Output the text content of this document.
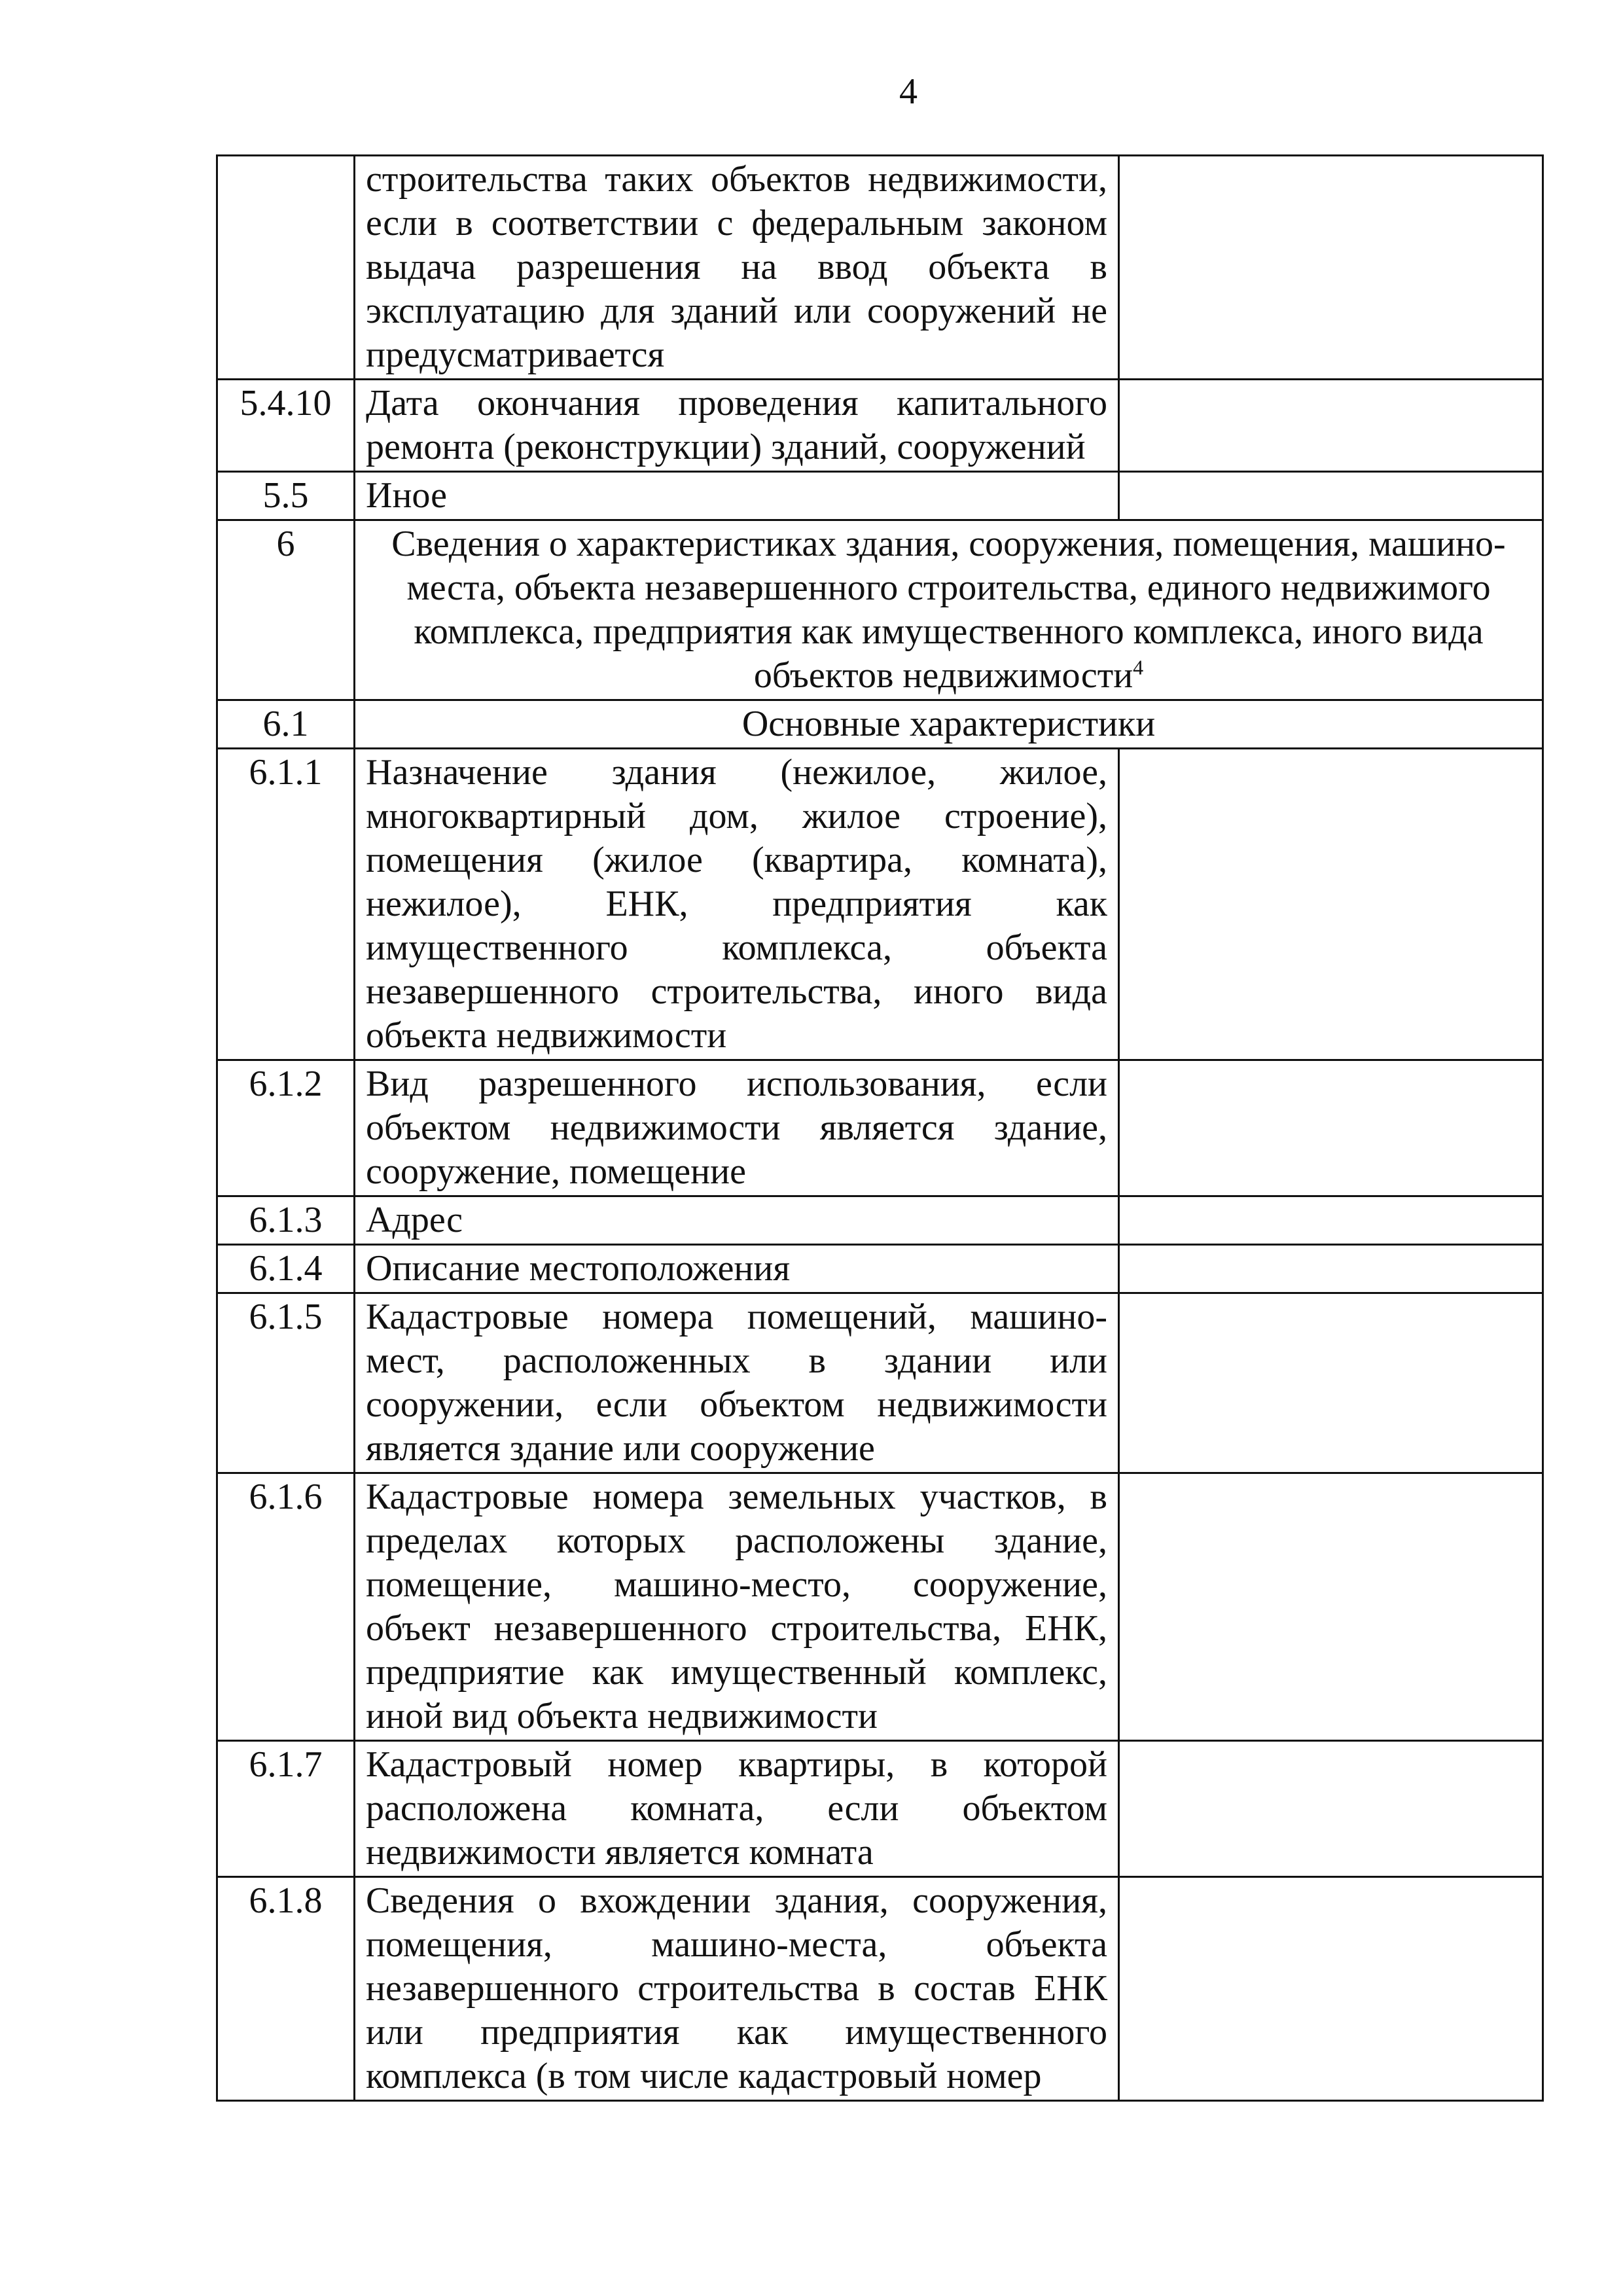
4
	строительства таких объектов недвижимости, если в соответствии с федеральным законом выдача разрешения на ввод объекта в эксплуатацию для зданий или сооружений не предусматривается	
5.4.10	Дата окончания проведения капитального ремонта (реконструкции) зданий, сооружений	
5.5	Иное	
6	Сведения о характеристиках здания, сооружения, помещения, машино-места, объекта незавершенного строительства, единого недвижимого комплекса, предприятия как имущественного комплекса, иного вида объектов недвижимости$^4$
6.1	Основные характеристики	
6.1.1	Назначение здания (нежилое, жилое, многоквартирный дом, жилое строение), помещения (жилое (квартира, комната), нежилое), ЕНК, предприятия как имущественного комплекса, объекта незавершенного строительства, иного вида объекта недвижимости	
6.1.2	Вид разрешенного использования, если объектом недвижимости является здание, сооружение, помещение	
6.1.3	Адрес	
6.1.4	Описание местоположения	
6.1.5	Кадастровые номера помещений, машино-мест, расположенных в здании или сооружении, если объектом недвижимости является здание или сооружение	
6.1.6	Кадастровые номера земельных участков, в пределах которых расположены здание, помещение, машино-место, сооружение, объект незавершенного строительства, ЕНК, предприятие как имущественный комплекс, иной вид объекта недвижимости	
6.1.7	Кадастровый номер квартиры, в которой расположена комната, если объектом недвижимости является комната	
6.1.8	Сведения о вхождении здания, сооружения, помещения, машино-места, объекта незавершенного строительства в состав ЕНК или предприятия как имущественного комплекса (в том числе кадастровый номер	
